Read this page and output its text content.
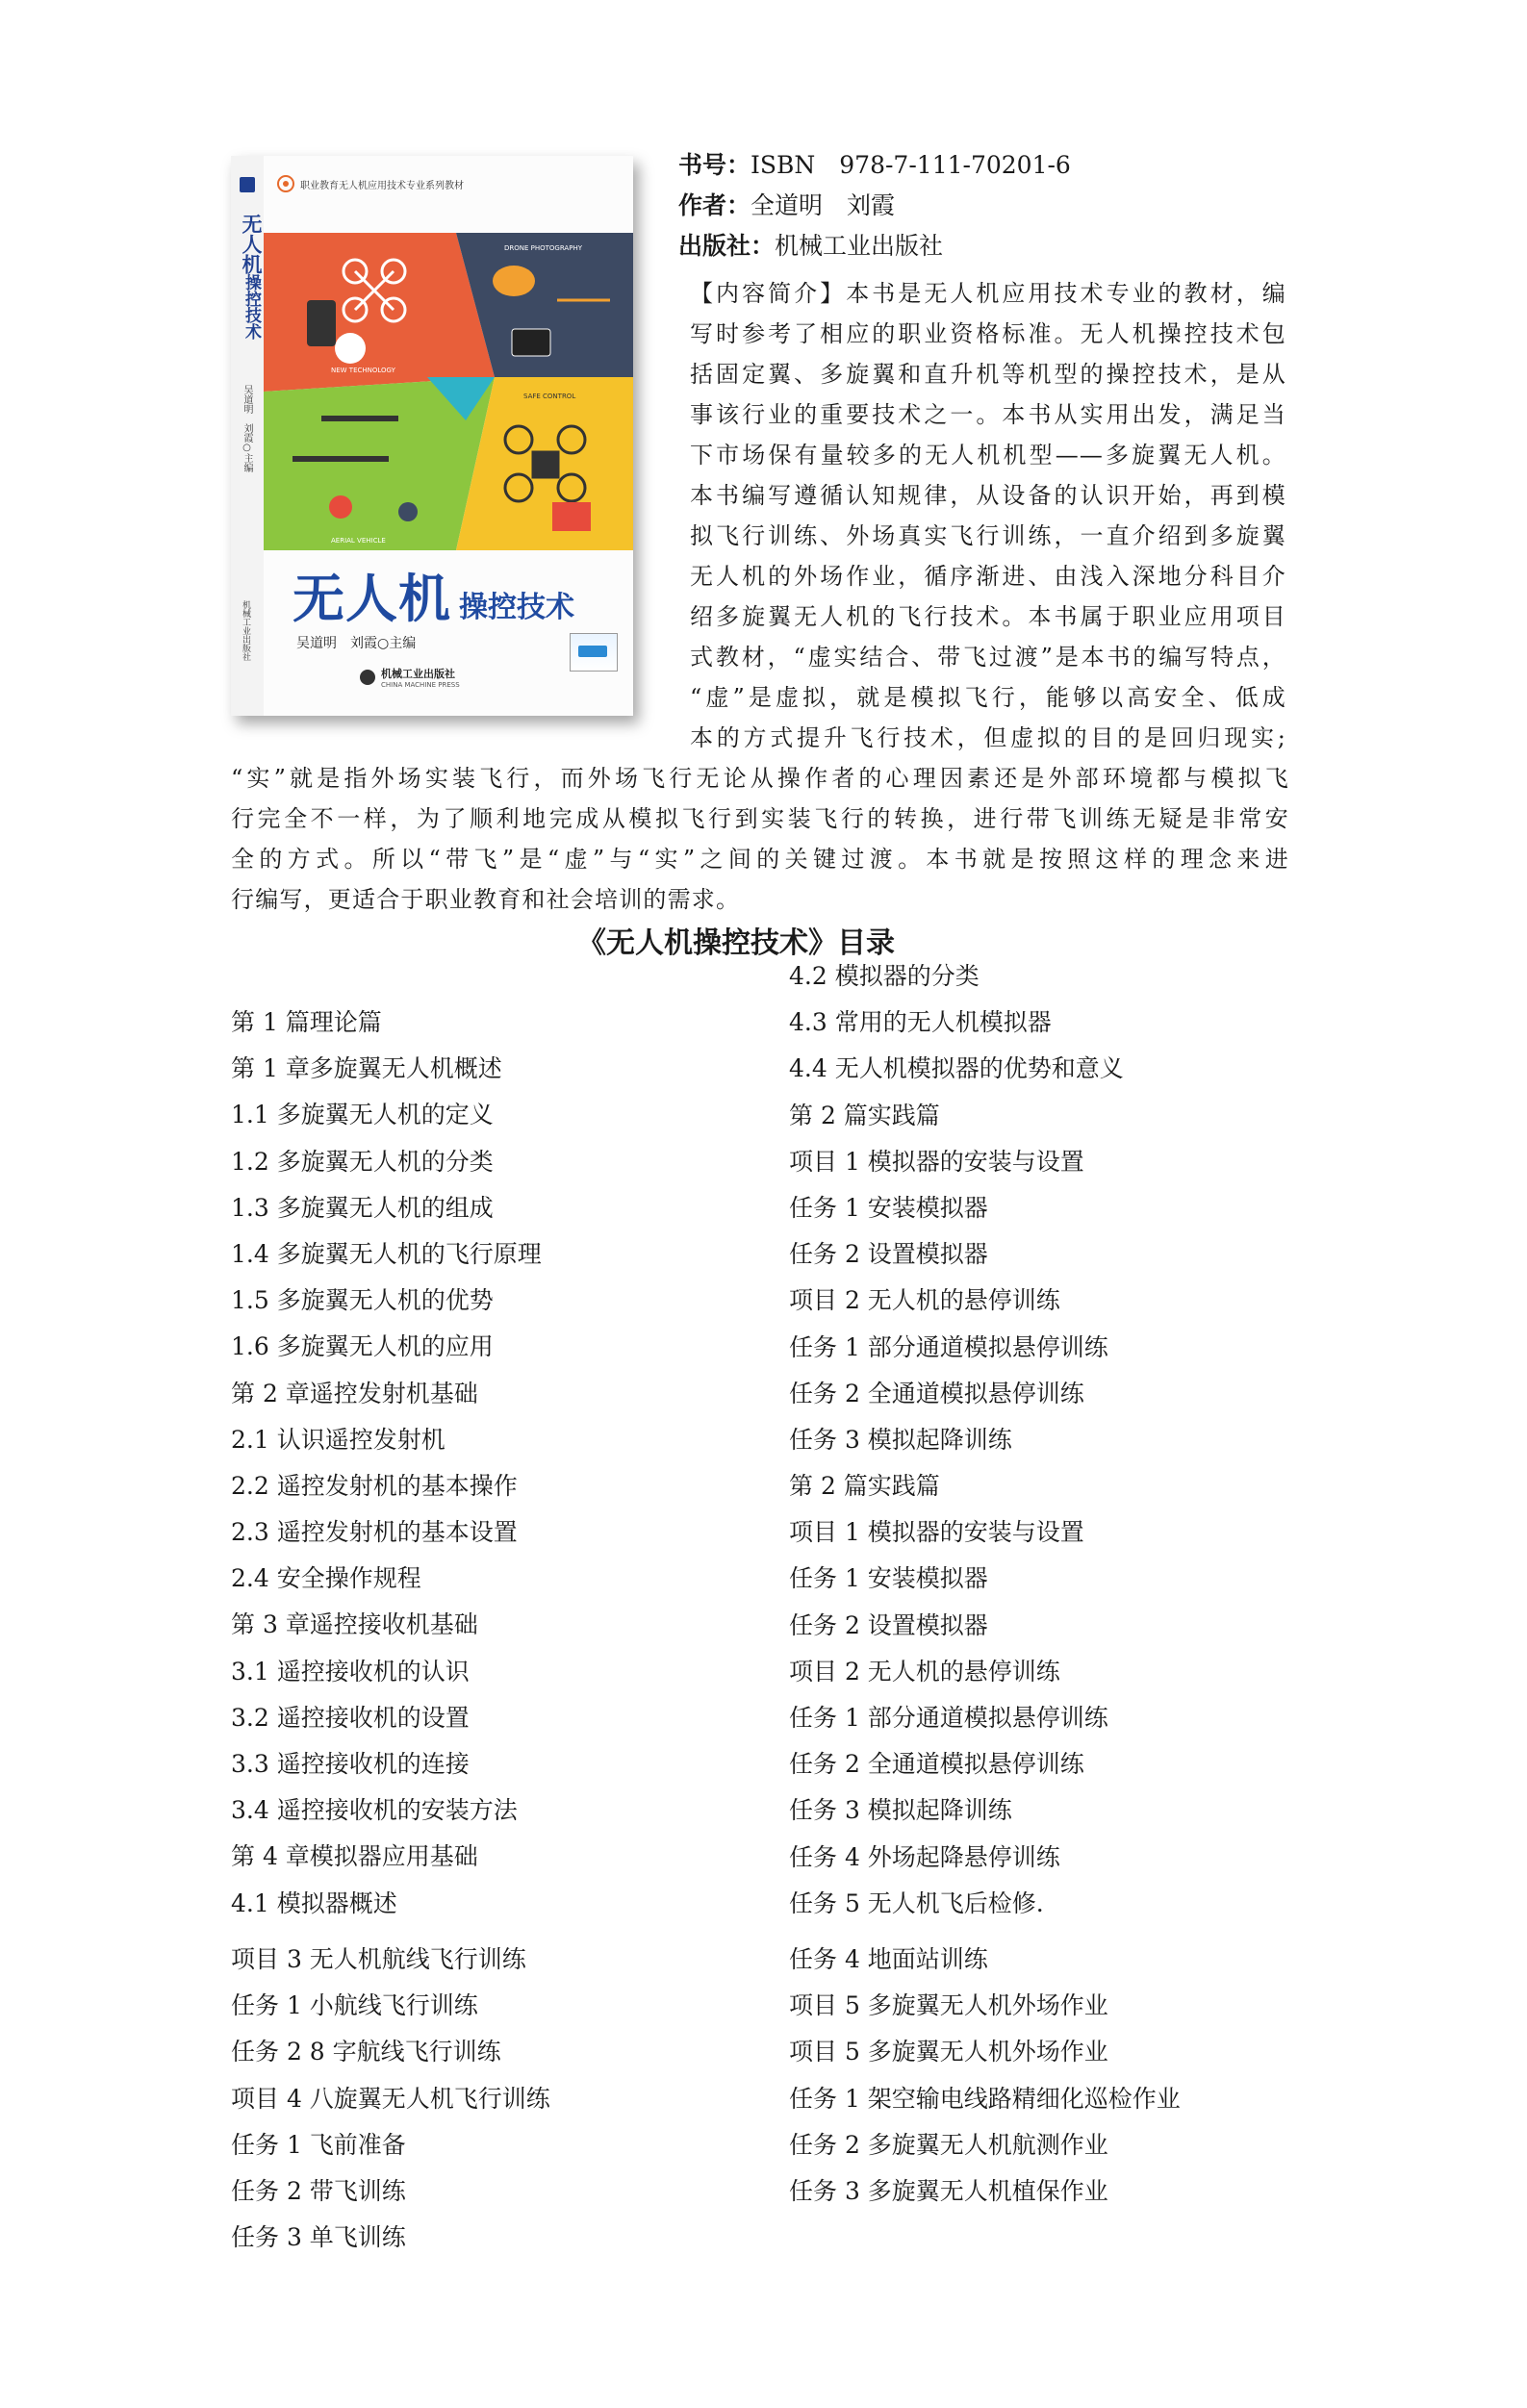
无人机操控技术
吴道明　刘霞○主编
机械工业出版社
职业教育无人机应用技术专业系列教材
DRONE PHOTOGRAPHY
NEW TECHNOLOGY
SAFE CONTROL
AERIAL VEHICLE
无人机 操控技术
吴道明　刘霞○主编
机械工业出版社
CHINA MACHINE PRESS
书号：ISBN　978-7-111-70201-6
作者：全道明　刘霞
出版社：机械工业出版社
【内容简介】本书是无人机应用技术专业的教材，编
写时参考了相应的职业资格标准。无人机操控技术包
括固定翼、多旋翼和直升机等机型的操控技术，是从
事该行业的重要技术之一。本书从实用出发，满足当
下市场保有量较多的无人机机型——多旋翼无人机。
本书编写遵循认知规律，从设备的认识开始，再到模
拟飞行训练、外场真实飞行训练，一直介绍到多旋翼
无人机的外场作业，循序渐进、由浅入深地分科目介
绍多旋翼无人机的飞行技术。本书属于职业应用项目
式教材，“虚实结合、带飞过渡”是本书的编写特点，
“虚”是虚拟，就是模拟飞行，能够以高安全、低成
本的方式提升飞行技术，但虚拟的目的是回归现实;
“实”就是指外场实装飞行，而外场飞行无论从操作者的心理因素还是外部环境都与模拟飞
行完全不一样，为了顺利地完成从模拟飞行到实装飞行的转换，进行带飞训练无疑是非常安
全的方式。所以“带飞”是“虚”与“实”之间的关键过渡。本书就是按照这样的理念来进
行编写，更适合于职业教育和社会培训的需求。
《无人机操控技术》目录
第 1 篇理论篇
第 1 章多旋翼无人机概述
1.1 多旋翼无人机的定义
1.2 多旋翼无人机的分类
1.3 多旋翼无人机的组成
1.4 多旋翼无人机的飞行原理
1.5 多旋翼无人机的优势
1.6 多旋翼无人机的应用
第 2 章遥控发射机基础
2.1 认识遥控发射机
2.2 遥控发射机的基本操作
2.3 遥控发射机的基本设置
2.4 安全操作规程
第 3 章遥控接收机基础
3.1 遥控接收机的认识
3.2 遥控接收机的设置
3.3 遥控接收机的连接
3.4 遥控接收机的安装方法
第 4 章模拟器应用基础
4.1 模拟器概述
4.2 模拟器的分类
4.3 常用的无人机模拟器
4.4 无人机模拟器的优势和意义
第 2 篇实践篇
项目 1 模拟器的安装与设置
任务 1 安装模拟器
任务 2 设置模拟器
项目 2 无人机的悬停训练
任务 1 部分通道模拟悬停训练
任务 2 全通道模拟悬停训练
任务 3 模拟起降训练
第 2 篇实践篇
项目 1 模拟器的安装与设置
任务 1 安装模拟器
任务 2 设置模拟器
项目 2 无人机的悬停训练
任务 1 部分通道模拟悬停训练
任务 2 全通道模拟悬停训练
任务 3 模拟起降训练
任务 4 外场起降悬停训练
任务 5 无人机飞后检修.
项目 3 无人机航线飞行训练
任务 1 小航线飞行训练
任务 2 8 字航线飞行训练
项目 4 八旋翼无人机飞行训练
任务 1 飞前准备
任务 2 带飞训练
任务 3 单飞训练
任务 4 地面站训练
项目 5 多旋翼无人机外场作业
项目 5 多旋翼无人机外场作业
任务 1 架空输电线路精细化巡检作业
任务 2 多旋翼无人机航测作业
任务 3 多旋翼无人机植保作业
